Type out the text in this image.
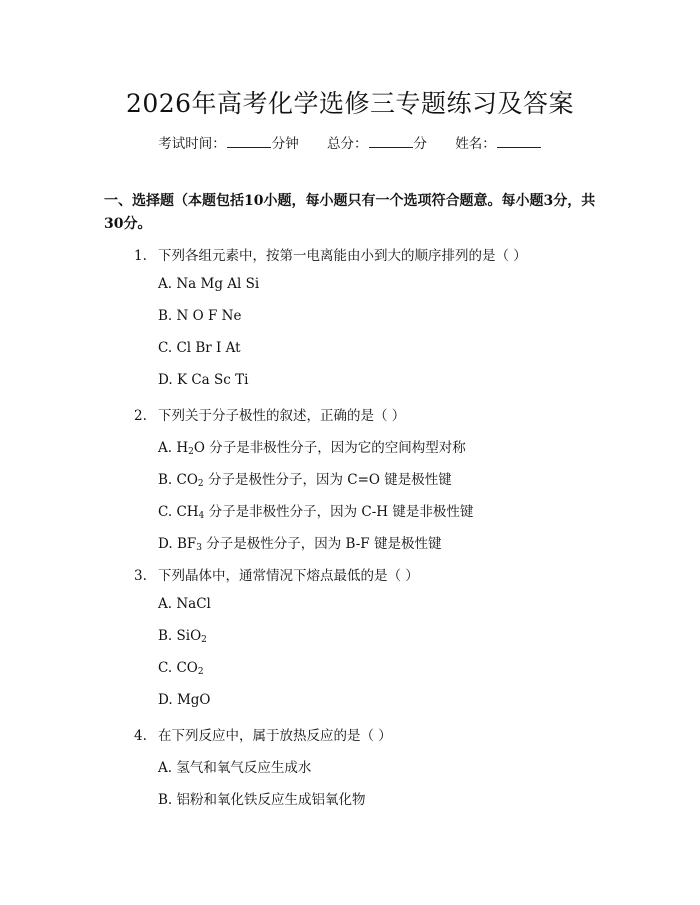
2026年高考化学选修三专题练习及答案
考试时间：	分钟 总分：	分 姓名：
一、选择题（本题包括10小题，每小题只有一个选项符合题意。每小题3分，共30分。
1. 下列各组元素中，按第一电离能由小到大的顺序排列的是（ ）
A. Na Mg Al Si
B. N O F Ne
C. Cl Br I At
D. K Ca Sc Ti
2. 下列关于分子极性的叙述，正确的是（ ）
A. $H_2O$ 分子是非极性分子，因为它的空间构型对称
B. $CO_2$ 分子是极性分子，因为 C=O 键是极性键
C. $CH_4$ 分子是非极性分子，因为 C-H 键是非极性键
D. $BF_3$ 分子是极性分子，因为 B-F 键是极性键
3. 下列晶体中，通常情况下熔点最低的是（ ）
A. NaCl
B. SiO$_2$
C. $CO_2$
D. MgO
4. 在下列反应中，属于放热反应的是（ ）
A. 氢气和氧气反应生成水
B. 铝粉和氧化铁反应生成铝氧化物
